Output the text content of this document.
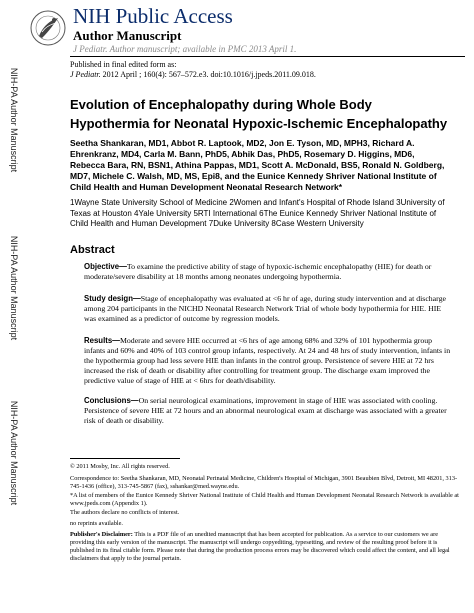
NIH-PA Author Manuscript
NIH-PA Author Manuscript
NIH-PA Author Manuscript
NIH Public Access
Author Manuscript
J Pediatr. Author manuscript; available in PMC 2013 April 1.
Published in final edited form as:
J Pediatr. 2012 April ; 160(4): 567–572.e3. doi:10.1016/j.jpeds.2011.09.018.
Evolution of Encephalopathy during Whole Body Hypothermia for Neonatal Hypoxic-Ischemic Encephalopathy
Seetha Shankaran, MD1, Abbot R. Laptook, MD2, Jon E. Tyson, MD, MPH3, Richard A. Ehrenkranz, MD4, Carla M. Bann, PhD5, Abhik Das, PhD5, Rosemary D. Higgins, MD6, Rebecca Bara, RN, BSN1, Athina Pappas, MD1, Scott A. McDonald, BS5, Ronald N. Goldberg, MD7, Michele C. Walsh, MD, MS, Epi8, and the Eunice Kennedy Shriver National Institute of Child Health and Human Development Neonatal Research Network*
1Wayne State University School of Medicine 2Women and Infant's Hospital of Rhode Island 3University of Texas at Houston 4Yale University 5RTI International 6The Eunice Kennedy Shriver National Institute of Child Health and Human Development 7Duke University 8Case Western University
Abstract
Objective—To examine the predictive ability of stage of hypoxic-ischemic encephalopathy (HIE) for death or moderate/severe disability at 18 months among neonates undergoing hypothermia.
Study design—Stage of encephalopathy was evaluated at <6 hr of age, during study intervention and at discharge among 204 participants in the NICHD Neonatal Research Network Trial of whole body hypothermia for HIE. HIE was examined as a predictor of outcome by regression models.
Results—Moderate and severe HIE occurred at <6 hrs of age among 68% and 32% of 101 hypothermia group infants and 60% and 40% of 103 control group infants, respectively. At 24 and 48 hrs of study intervention, infants in the hypothermia group had less severe HIE than infants in the control group. Persistence of severe HIE at 72 hrs increased the risk of death or disability after controlling for treatment group. The discharge exam improved the predictive value of stage of HIE at < 6hrs for death/disability.
Conclusions—On serial neurological examinations, improvement in stage of HIE was associated with cooling. Persistence of severe HIE at 72 hours and an abnormal neurological exam at discharge was associated with a greater risk of death or disability.
© 2011 Mosby, Inc. All rights reserved.
Correspondence to: Seetha Shankaran, MD, Neonatal Perinatal Medicine, Children's Hospital of Michigan, 3901 Beaubien Blvd, Detroit, MI 48201, 313-745-1436 (office), 313-745-5867 (fax), sshankar@med.wayne.edu.
*A list of members of the Eunice Kennedy Shriver National Institute of Child Health and Human Development Neonatal Research Network is available at www.jpeds.com (Appendix 1).
The authors declare no conflicts of interest.
no reprints available.
Publisher's Disclaimer: This is a PDF file of an unedited manuscript that has been accepted for publication. As a service to our customers we are providing this early version of the manuscript. The manuscript will undergo copyediting, typesetting, and review of the resulting proof before it is published in its final citable form. Please note that during the production process errors may be discovered which could affect the content, and all legal disclaimers that apply to the journal pertain.
